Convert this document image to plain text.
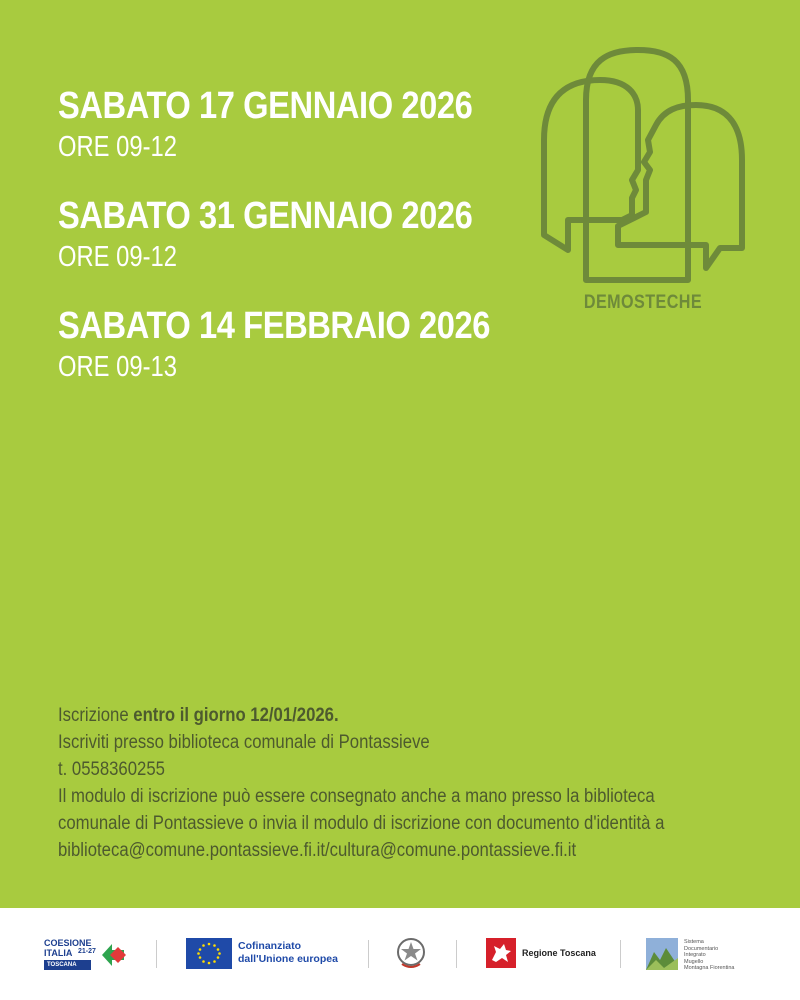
SABATO 17 GENNAIO 2026
ORE 09-12
SABATO 31 GENNAIO 2026
ORE 09-12
SABATO 14 FEBBRAIO 2026
ORE 09-13
DEMOSTECHE

Iscrizione entro il giorno 12/01/2026.

Iscriviti presso biblioteca comunale di Pontassieve

t. 0558360255

Il modulo di iscrizione può essere consegnato anche a mano presso la biblioteca

comunale di Pontassieve o invia il modulo di iscrizione con documento d'identità a

biblioteca@comune.pontassieve.fi.it/cultura@comune.pontassieve.fi.it

COESIONE
ITALIA 21-27
TOSCANA
Cofinanziato
dall'Unione europea	Regione Toscana
Sistema
Documentario
Integrato
Mugello
Montagna Fiorentina
